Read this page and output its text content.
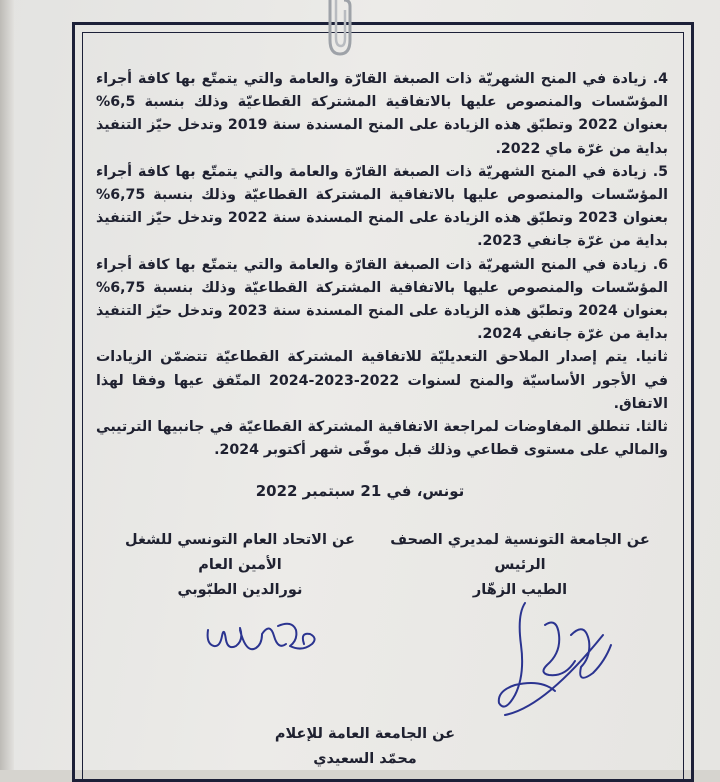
4. زيادة في المنح الشهريّة ذات الصبغة القارّة والعامة والتي يتمتّع بها كافة أجراء المؤسّسات والمنصوص عليها بالاتفاقية المشتركة القطاعيّة وذلك بنسبة 6,5% بعنوان 2022 وتطبّق هذه الزيادة على المنح المسندة سنة 2019 وتدخل حيّز التنفيذ بداية من غرّة ماي 2022.

5. زيادة في المنح الشهريّة ذات الصبغة القارّة والعامة والتي يتمتّع بها كافة أجراء المؤسّسات والمنصوص عليها بالاتفاقية المشتركة القطاعيّة وذلك بنسبة 6,75% بعنوان 2023 وتطبّق هذه الزيادة على المنح المسندة سنة 2022 وتدخل حيّز التنفيذ بداية من غرّة جانفي 2023.

6. زيادة في المنح الشهريّة ذات الصبغة القارّة والعامة والتي يتمتّع بها كافة أجراء المؤسّسات والمنصوص عليها بالاتفاقية المشتركة القطاعيّة وذلك بنسبة 6,75% بعنوان 2024 وتطبّق هذه الزيادة على المنح المسندة سنة 2023 وتدخل حيّز التنفيذ بداية من غرّة جانفي 2024.

ثانيا. يتم إصدار الملاحق التعديليّة للاتفاقية المشتركة القطاعيّة تتضمّن الزيادات في الأجور الأساسيّة والمنح لسنوات 2022-2023-2024 المتّفق عيها وفقا لهذا الاتفاق.

ثالثا. تنطلق المفاوضات لمراجعة الاتفاقية المشتركة القطاعيّة في جانبيها الترتيبي والمالي على مستوى قطاعي وذلك قبل موفّى شهر أكتوبر 2024.

تونس، في 21 سبتمبر 2022

عن الجامعة التونسية لمديري الصحف

الرئيس

الطيب الزهّار

عن الاتحاد العام التونسي للشغل

الأمين العام

نورالدين الطبّوبي

عن الجامعة العامة للإعلام

محمّد السعيدي
